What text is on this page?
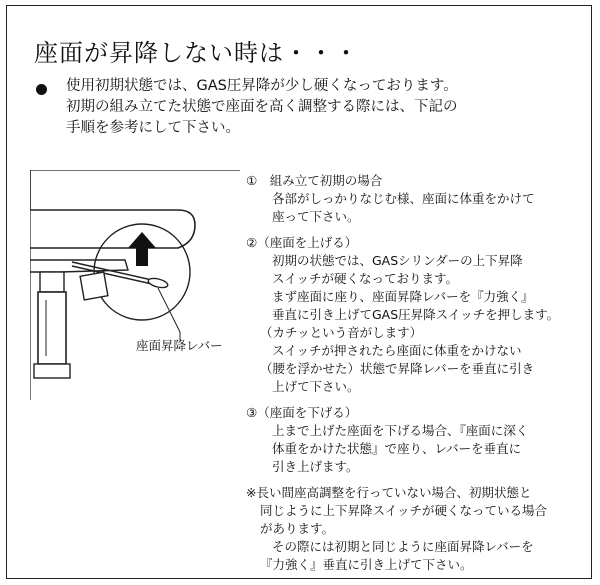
座面が昇降しない時は・・・
使用初期状態では、GAS圧昇降が少し硬くなっております。
初期の組み立てた状態で座面を高く調整する際には、下記の
手順を参考にして下さい。
座面昇降レバー
①　組み立て初期の場合
各部がしっかりなじむ様、座面に体重をかけて
座って下さい。
②（座面を上げる）
初期の状態では、GASシリンダーの上下昇降
スイッチが硬くなっております。
まず座面に座り、座面昇降レバーを『力強く』
垂直に引き上げてGAS圧昇降スイッチを押します。
（カチッという音がします）
スイッチが押されたら座面に体重をかけない
（腰を浮かせた）状態で昇降レバーを垂直に引き
上げて下さい。
③（座面を下げる）
上まで上げた座面を下げる場合、『座面に深く
体重をかけた状態』で座り、レバーを垂直に
引き上げます。
※長い間座高調整を行っていない場合、初期状態と
同じように上下昇降スイッチが硬くなっている場合
があります。
その際には初期と同じように座面昇降レバーを
『力強く』垂直に引き上げて下さい。
